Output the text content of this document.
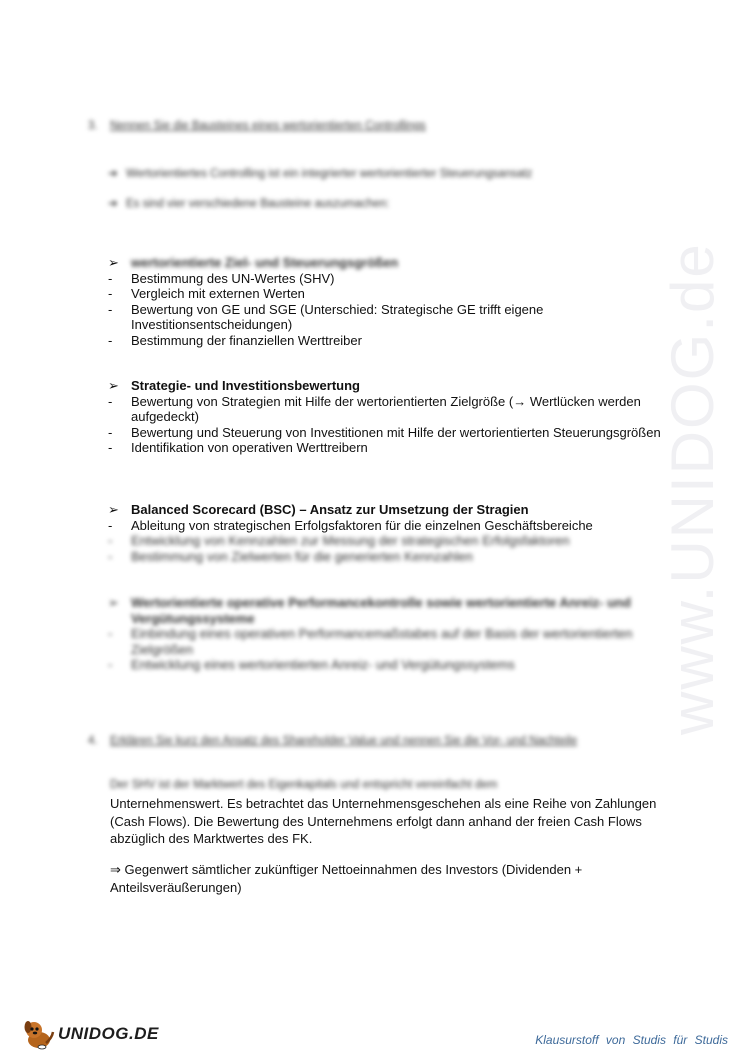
www.UNIDOG.de
3. Nennen Sie die Bausteines eines wertorientierten Controllings
➔ Wertorientiertes Controlling ist ein integrierter wertorientierter Steuerungsansatz
➔ Es sind vier verschiedene Bausteine auszumachen:
➢ wertorientierte Ziel- und Steuerungsgrößen
-	Bestimmung des UN-Wertes (SHV)
-	Vergleich mit externen Werten
-	Bewertung von GE und SGE (Unterschied: Strategische GE trifft eigene Investitionsentscheidungen)
-	Bestimmung der finanziellen Werttreiber
➢ Strategie- und Investitionsbewertung
-	Bewertung von Strategien mit Hilfe der wertorientierten Zielgröße (→ Wertlücken werden aufgedeckt)
-	Bewertung und Steuerung von Investitionen mit Hilfe der wertorientierten Steuerungsgrößen
-	Identifikation von operativen Werttreibern
➢ Balanced Scorecard (BSC) – Ansatz zur Umsetzung der Stragien
-	Ableitung von strategischen Erfolgsfaktoren für die einzelnen Geschäftsbereiche
-	Entwicklung von Kennzahlen zur Messung der strategischen Erfolgsfaktoren
-	Bestimmung von Zielwerten für die generierten Kennzahlen
➢ Wertorientierte operative Performancekontrolle sowie wertorientierte Anreiz- und Vergütungssysteme
-	Einbindung eines operativen Performancemaßstabes auf der Basis der wertorientierten Zielgrößen
-	Entwicklung eines wertorientierten Anreiz- und Vergütungssystems
4. Erklären Sie kurz den Ansatz des Shareholder Value und nennen Sie die Vor- und Nachteile
Der SHV ist der Marktwert des Eigenkapitals und entspricht vereinfacht dem
Unternehmenswert. Es betrachtet das Unternehmensgeschehen als eine Reihe von Zahlungen (Cash Flows). Die Bewertung des Unternehmens erfolgt dann anhand der freien Cash Flows abzüglich des Marktwertes des FK.
⇒ Gegenwert sämtlicher zukünftiger Nettoeinnahmen des Investors (Dividenden + Anteilsveräußerungen)
UNIDOG.DE	Klausurstoff von Studis für Studis
